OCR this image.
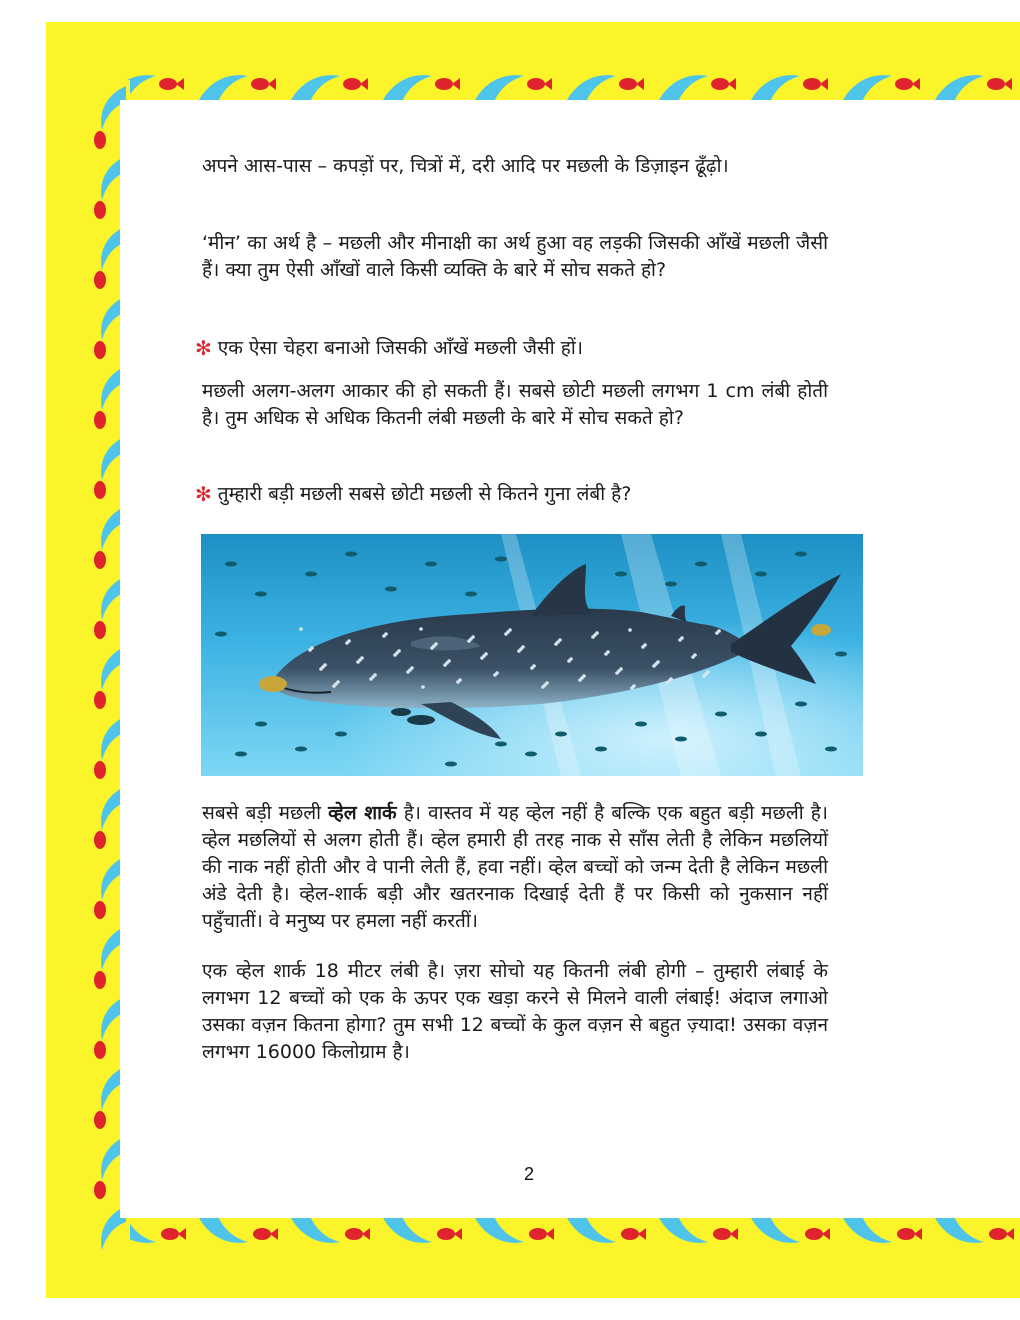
अपने आस-पास – कपड़ों पर, चित्रों में, दरी आदि पर मछली के डिज़ाइन ढूँढ़ो।
‘मीन’ का अर्थ है – मछली और मीनाक्षी का अर्थ हुआ वह लड़की जिसकी आँखें मछली जैसी हैं। क्या तुम ऐसी आँखों वाले किसी व्यक्ति के बारे में सोच सकते हो?
✻ एक ऐसा चेहरा बनाओ जिसकी आँखें मछली जैसी हों।
मछली अलग-अलग आकार की हो सकती हैं। सबसे छोटी मछली लगभग 1 cm लंबी होती है। तुम अधिक से अधिक कितनी लंबी मछली के बारे में सोच सकते हो?
✻ तुम्हारी बड़ी मछली सबसे छोटी मछली से कितने गुना लंबी है?
सबसे बड़ी मछली व्हेल शार्क है। वास्तव में यह व्हेल नहीं है बल्कि एक बहुत बड़ी मछली है। व्हेल मछलियों से अलग होती हैं। व्हेल हमारी ही तरह नाक से साँस लेती है लेकिन मछलियों की नाक नहीं होती और वे पानी लेती हैं, हवा नहीं। व्हेल बच्चों को जन्म देती है लेकिन मछली अंडे देती है। व्हेल-शार्क बड़ी और खतरनाक दिखाई देती हैं पर किसी को नुकसान नहीं पहुँचातीं। वे मनुष्य पर हमला नहीं करतीं।
एक व्हेल शार्क 18 मीटर लंबी है। ज़रा सोचो यह कितनी लंबी होगी – तुम्हारी लंबाई के लगभग 12 बच्चों को एक के ऊपर एक खड़ा करने से मिलने वाली लंबाई! अंदाज लगाओ उसका वज़न कितना होगा? तुम सभी 12 बच्चों के कुल वज़न से बहुत ज़्यादा! उसका वज़न लगभग 16000 किलोग्राम है।
2
